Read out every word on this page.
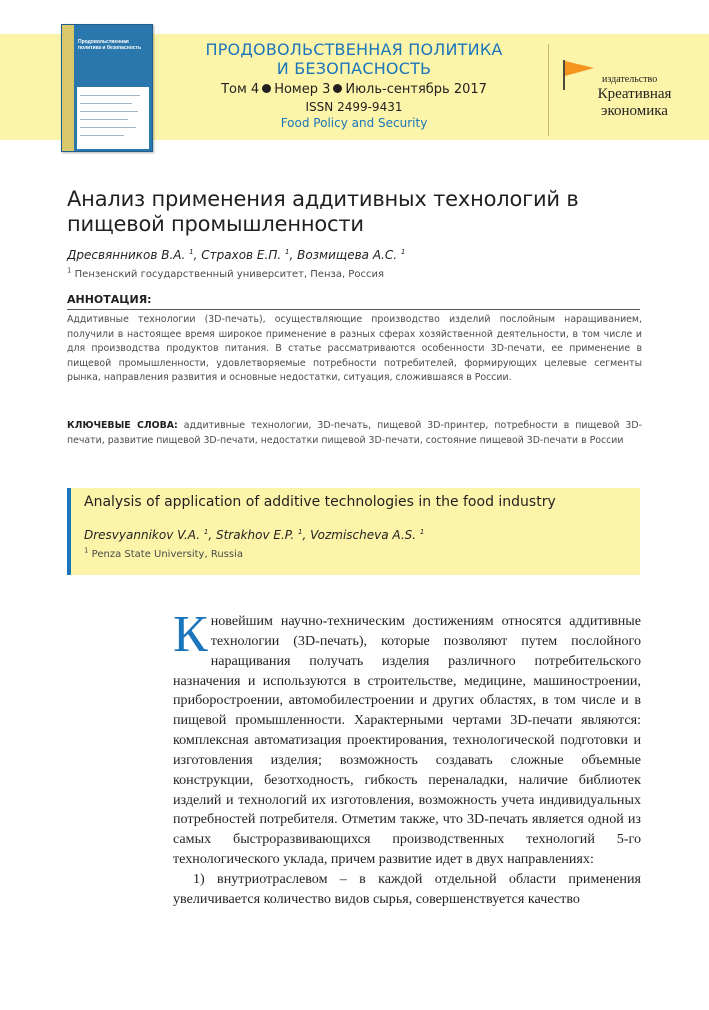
Продовольственная политика и безопасность	ПРОДОВОЛЬСТВЕННАЯ ПОЛИТИКА
И БЕЗОПАСНОСТЬ
Том 4 Номер 3 Июль-сентябрь 2017
ISSN 2499-9431
Food Policy and Security
издательство
Креативная
экономика
Анализ применения аддитивных технологий в пищевой промышленности
Дресвянников В.А. $^1$, Страхов Е.П. $^1$, Возмищева А.С. $^1$
$^1$ Пензенский государственный университет, Пенза, Россия
АННОТАЦИЯ:
Аддитивные технологии (3D-печать), осуществляющие производство изделий послойным наращиванием, получили в настоящее время широкое применение в разных сферах хозяйственной деятельности, в том числе и для производства продуктов питания. В статье рассматриваются особенности 3D-печати, ее применение в пищевой промышленности, удовлетворяемые потребности потребителей, формирующих целевые сегменты рынка, направления развития и основные недостатки, ситуация, сложившаяся в России.
КЛЮЧЕВЫЕ СЛОВА: аддитивные технологии, 3D-печать, пищевой 3D-принтер, потребности в пищевой 3D-печати, развитие пищевой 3D-печати, недостатки пищевой 3D-печати, состояние пищевой 3D-печати в России
Analysis of application of additive technologies in the food industry
Dresvyannikov V.A. $^1$, Strakhov E.P. $^1$, Vozmischeva A.S. $^1$
$^1$ Penza State University, Russia

Кновейшим научно-техническим достижениям относятся аддитивные технологии (3D-печать), которые позволяют путем послойного наращивания получать изделия различного потребительского назначения и используются в строительстве, медицине, машиностроении, приборостроении, автомобилестроении и других областях, в том числе и в пищевой промышленности. Характерными чертами 3D-печати являются: комплексная автоматизация проектирования, технологической подготовки и изготовления изделия; возможность создавать сложные объемные конструкции, безотходность, гибкость переналадки, наличие библиотек изделий и технологий их изготовления, возможность учета индивидуальных потребностей потребителя. Отметим также, что 3D-печать является одной из самых быстроразвивающихся производственных технологий 5-го технологического уклада, причем развитие идет в двух направлениях:

1) внутриотраслевом – в каждой отдельной области применения увеличивается количество видов сырья, совершенствуется качество
